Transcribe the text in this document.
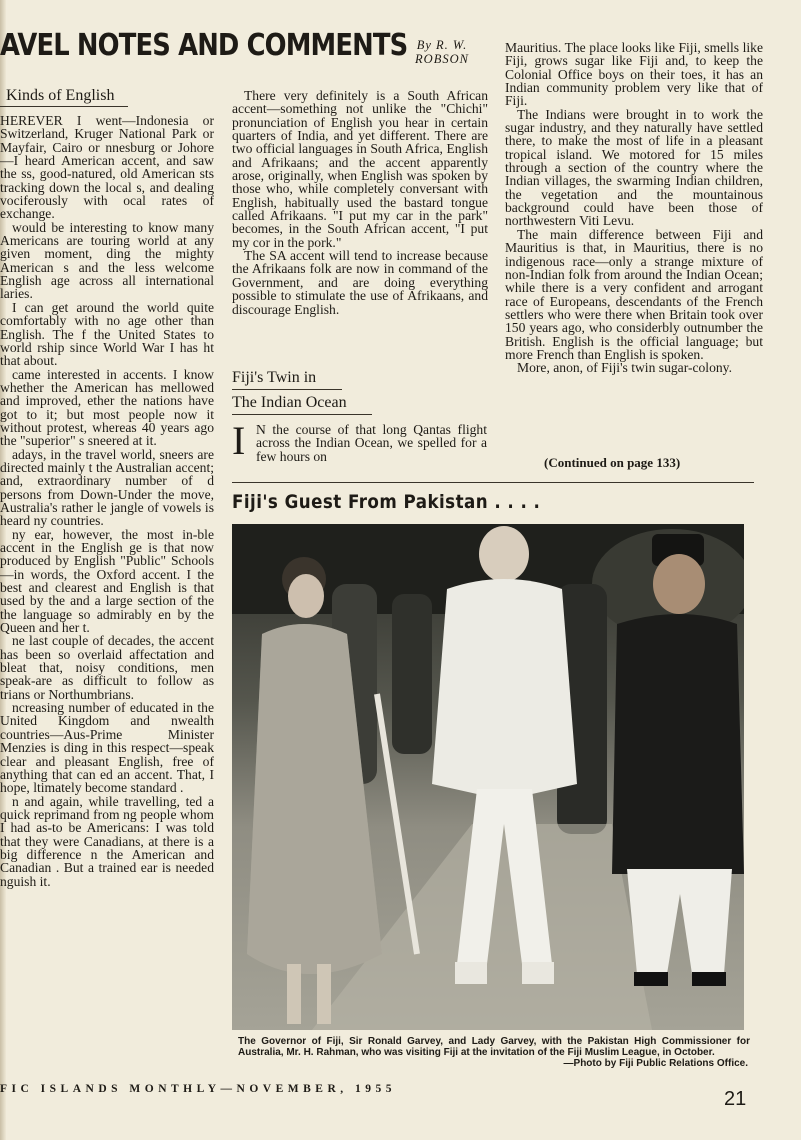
AVEL NOTES AND COMMENTS By R. W.
ROBSON
Kinds of English

HEREVER I went—Indonesia or Switzerland, Kruger National Park or Mayfair, Cairo or nnesburg or Johore—I heard American accent, and saw the ss, good-natured, old American sts tracking down the local s, and dealing vociferously with ocal rates of exchange.

would be interesting to know many Americans are touring world at any given moment, ding the mighty American s and the less welcome English age across all international laries.

I can get around the world quite comfortably with no age other than English. The f the United States to world rship since World War I has ht that about.

came interested in accents. I know whether the American has mellowed and improved, ether the nations have got to it; but most people now it without protest, whereas 40 years ago the "superior" s sneered at it.

adays, in the travel world, sneers are directed mainly t the Australian accent; and, extraordinary number of d persons from Down-Under the move, Australia's rather le jangle of vowels is heard ny countries.

ny ear, however, the most in-ble accent in the English ge is that now produced by English "Public" Schools—in words, the Oxford accent. I the best and clearest and English is that used by the and a large section of the the language so admirably en by the Queen and her t.

ne last couple of decades, the accent has been so overlaid affectation and bleat that, noisy conditions, men speak-are as difficult to follow as trians or Northumbrians.

ncreasing number of educated in the United Kingdom and nwealth countries—Aus-Prime Minister Menzies is ding in this respect—speak clear and pleasant English, free of anything that can ed an accent. That, I hope, ltimately become standard .

n and again, while travelling, ted a quick reprimand from ng people whom I had as-to be Americans: I was told that they were Canadians, at there is a big difference n the American and Canadian . But a trained ear is needed nguish it.

There very definitely is a South African accent—something not unlike the "Chichi" pronunciation of English you hear in certain quarters of India, and yet different. There are two official languages in South Africa, English and Afrikaans; and the accent apparently arose, originally, when English was spoken by those who, while completely conversant with English, habitually used the bastard tongue called Afrikaans. "I put my car in the park" becomes, in the South African accent, "I put my cor in the pork."

The SA accent will tend to increase because the Afrikaans folk are now in command of the Government, and are doing everything possible to stimulate the use of Afrikaans, and discourage English.

Fiji's Twin in
The Indian Ocean
I N the course of that long Qantas flight across the Indian Ocean, we spelled for a few hours on

Mauritius. The place looks like Fiji, smells like Fiji, grows sugar like Fiji and, to keep the Colonial Office boys on their toes, it has an Indian community problem very like that of Fiji.

The Indians were brought in to work the sugar industry, and they naturally have settled there, to make the most of life in a pleasant tropical island. We motored for 15 miles through a section of the country where the Indian villages, the swarming Indian children, the vegetation and the mountainous background could have been those of northwestern Viti Levu.

The main difference between Fiji and Mauritius is that, in Mauritius, there is no indigenous race—only a strange mixture of non-Indian folk from around the Indian Ocean; while there is a very confident and arrogant race of Europeans, descendants of the French settlers who were there when Britain took over 150 years ago, who considerbly outnumber the British. English is the official language; but more French than English is spoken.

More, anon, of Fiji's twin sugar-colony.

(Continued on page 133)
Fiji's Guest From Pakistan . . . .
The Governor of Fiji, Sir Ronald Garvey, and Lady Garvey, with the Pakistan High Commissioner for Australia, Mr. H. Rahman, who was visiting Fiji at the invitation of the Fiji Muslim League, in October.
—Photo by Fiji Public Relations Office.
FIC ISLANDS MONTHLY—NOVEMBER, 1955	21
